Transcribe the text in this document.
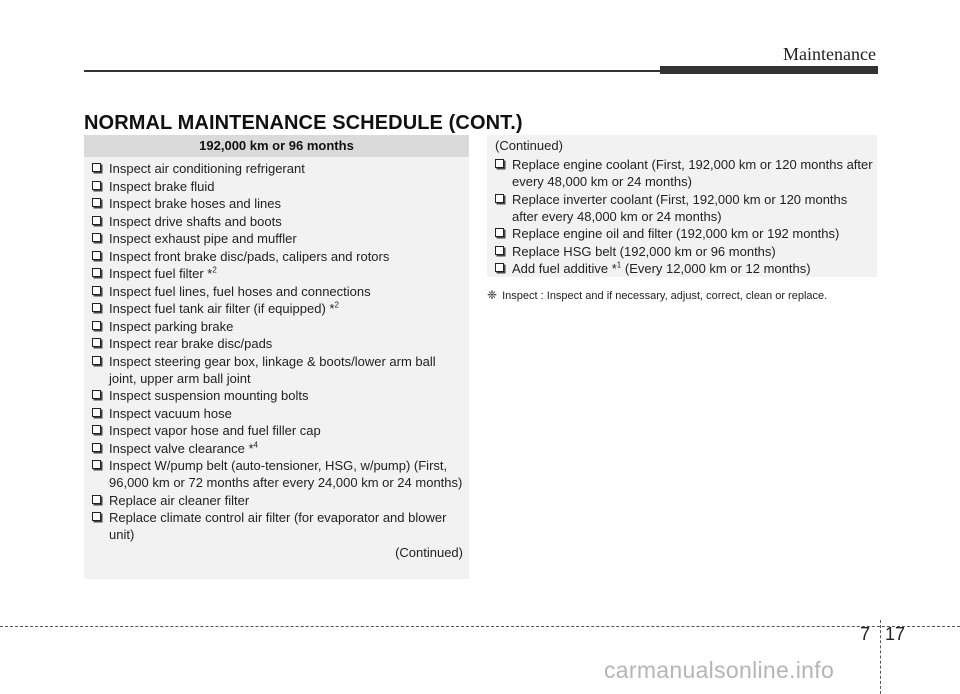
Maintenance
NORMAL MAINTENANCE SCHEDULE (CONT.)
192,000 km or 96 months
Inspect air conditioning refrigerant
Inspect brake fluid
Inspect brake hoses and lines
Inspect drive shafts and boots
Inspect exhaust pipe and muffler
Inspect front brake disc/pads, calipers and rotors
Inspect fuel filter *$^2$
Inspect fuel lines, fuel hoses and connections
Inspect fuel tank air filter (if equipped) *$^2$
Inspect parking brake
Inspect rear brake disc/pads
Inspect steering gear box, linkage & boots/lower arm ball joint, upper arm ball joint
Inspect suspension mounting bolts
Inspect vacuum hose
Inspect vapor hose and fuel filler cap
Inspect valve clearance *$^4$
Inspect W/pump belt (auto-tensioner, HSG, w/pump) (First, 96,000 km or 72 months after every 24,000 km or 24 months)
Replace air cleaner filter
Replace climate control air filter (for evaporator and blower unit)
(Continued)
(Continued)
Replace engine coolant (First, 192,000 km or 120 months after every 48,000 km or 24 months)
Replace inverter coolant (First, 192,000 km or 120 months after every 48,000 km or 24 months)
Replace engine oil and filter (192,000 km or 192 months)
Replace HSG belt (192,000 km or 96 months)
Add fuel additive *$^1$ (Every 12,000 km or 12 months)
❈ Inspect : Inspect and if necessary, adjust, correct, clean or replace.
7 17
carmanualsonline.info
